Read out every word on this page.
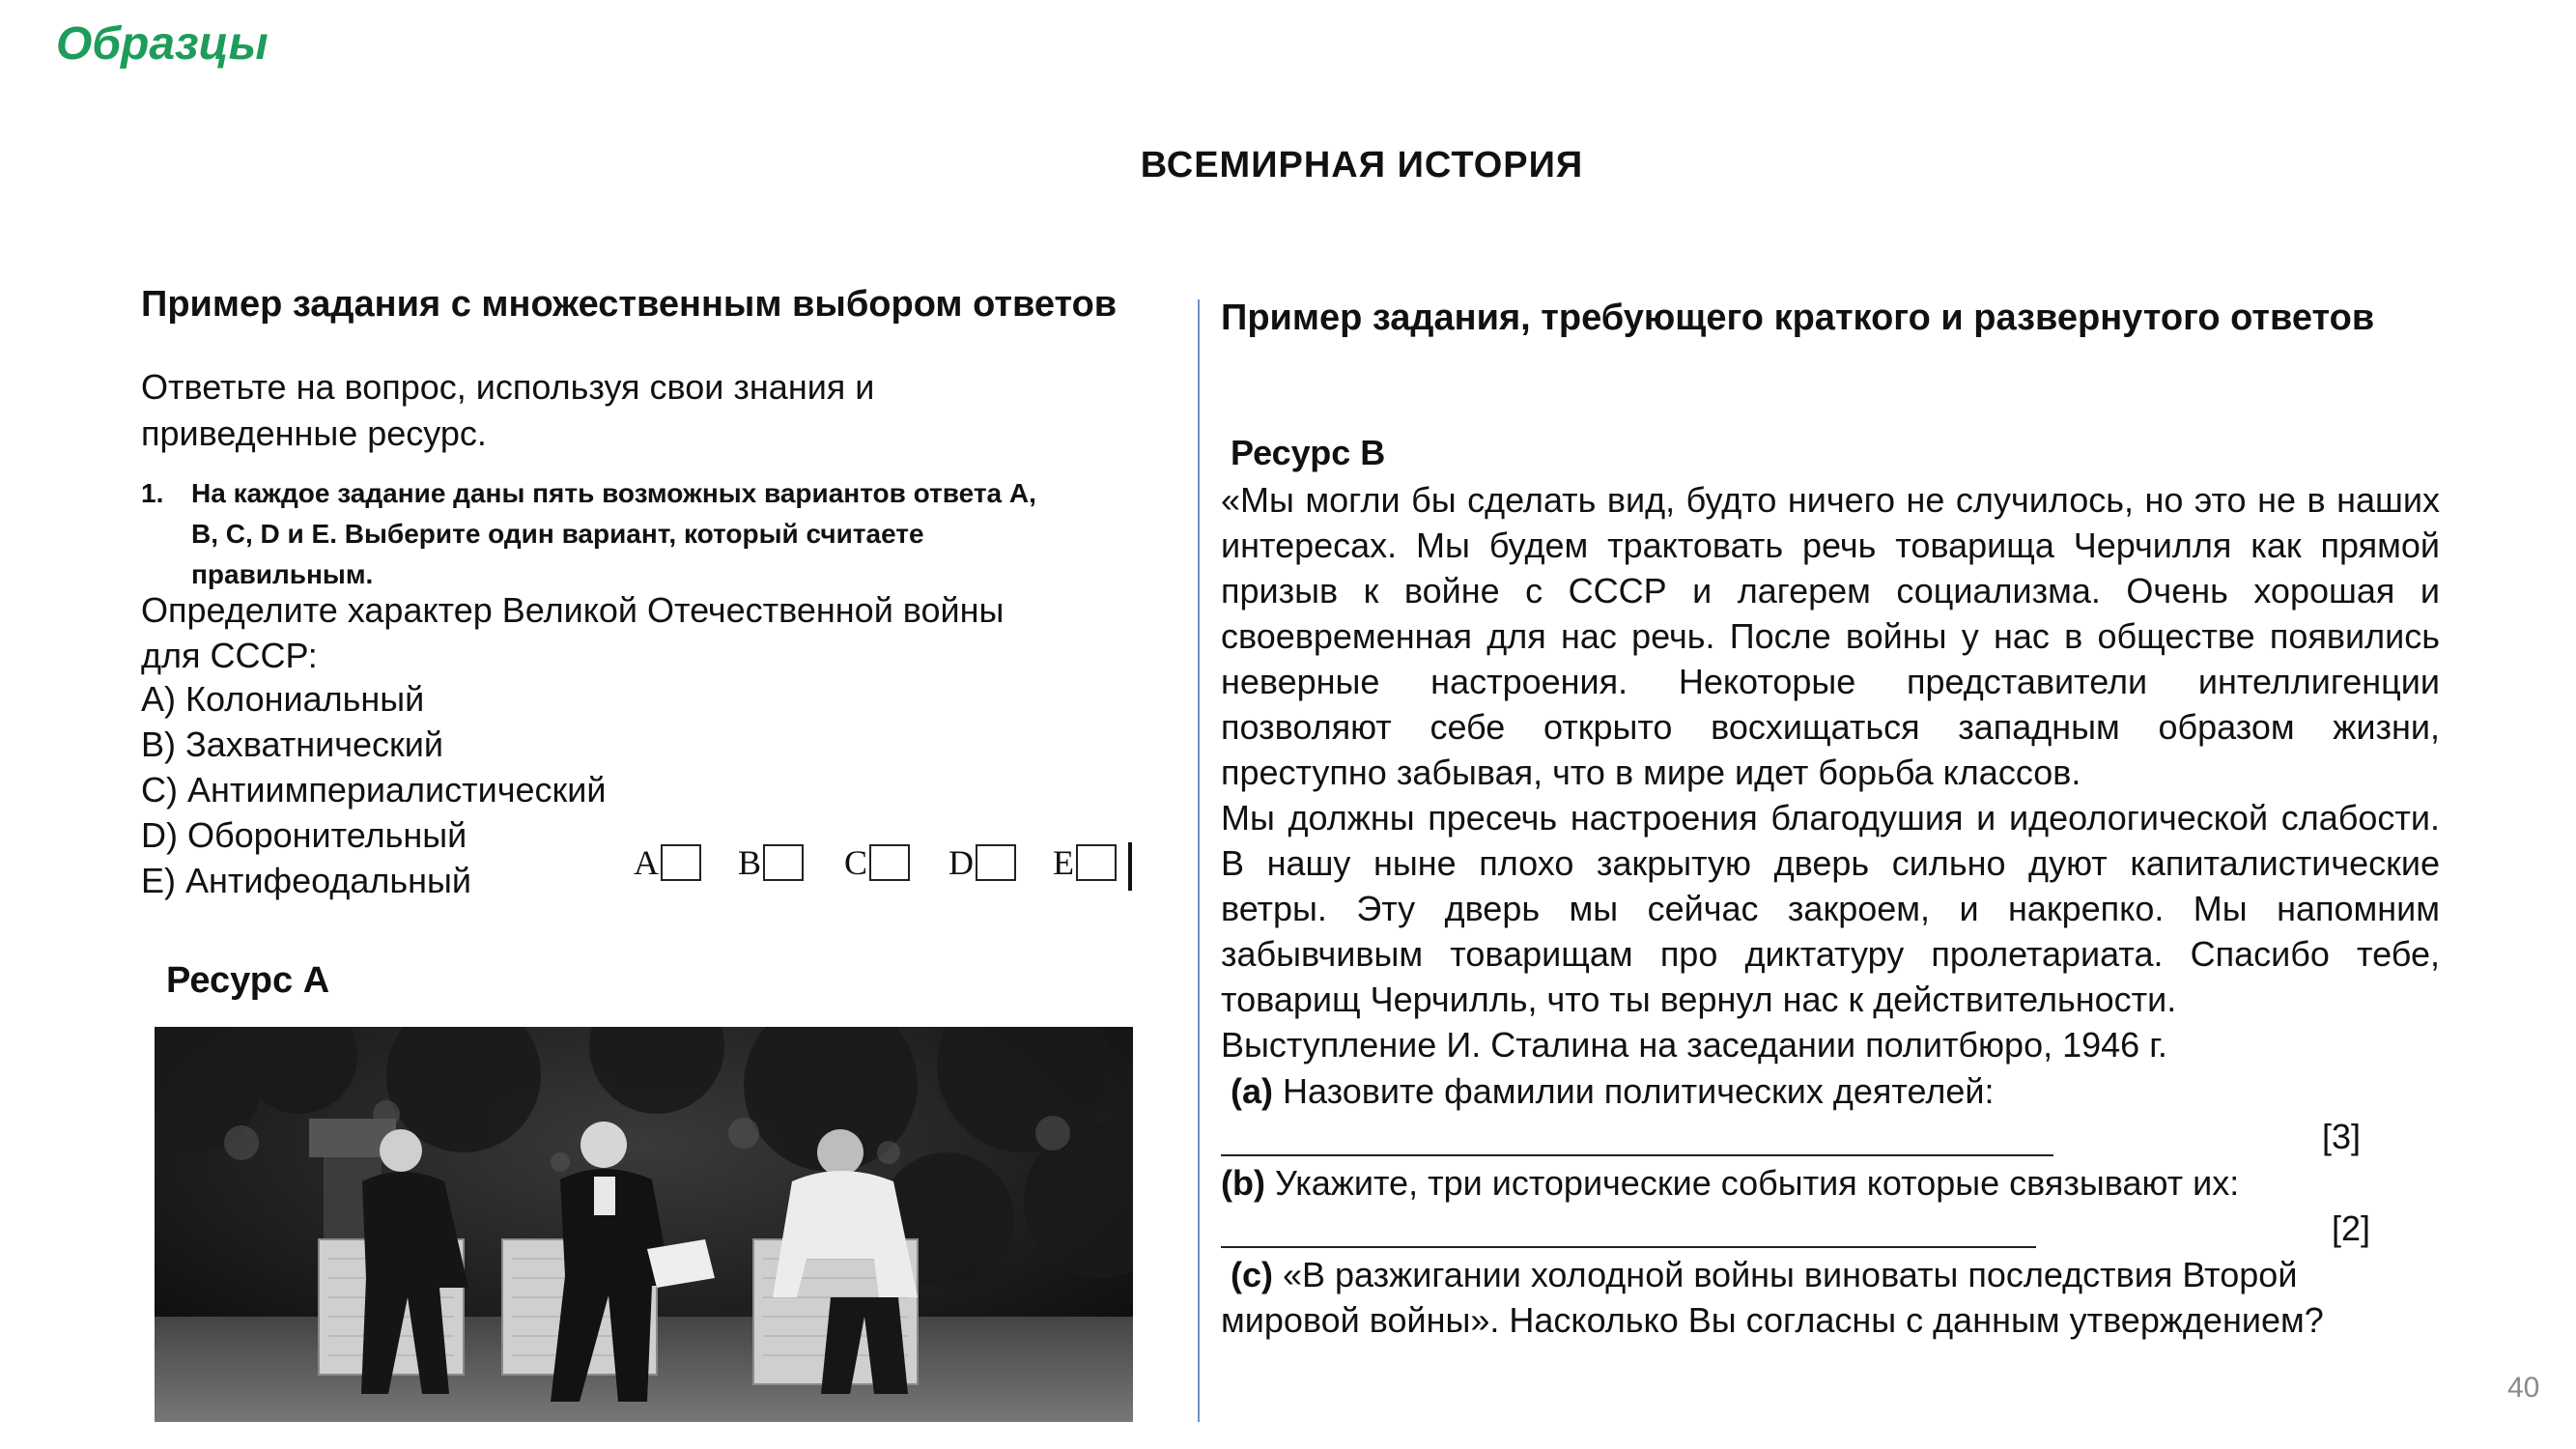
Образцы
ВСЕМИРНАЯ ИСТОРИЯ
Пример задания с множественным выбором ответов
Ответьте на вопрос, используя свои знания и приведенные ресурс.
1. На каждое задание даны пять возможных вариантов ответа A, B, C, D и E. Выберите один вариант, который считаете правильным.
Определите характер Великой Отечественной войны для СССР:
A) Колониальный
B) Захватнический
C) Антиимпериалистический
D) Оборонительный
E) Антифеодальный	A	B	C	D	E
Ресурс А
Пример задания, требующего краткого и развернутого ответов
Ресурс В

«Мы могли бы сделать вид, будто ничего не случилось, но это не в наших интересах. Мы будем трактовать речь товарища Черчилля как прямой призыв к войне с СССР и лагерем социализма. Очень хорошая и своевременная для нас речь. После войны у нас в обществе появились неверные настроения. Некоторые представители интеллигенции позволяют себе открыто восхищаться западным образом жизни, преступно забывая, что в мире идет борьба классов.

Мы должны пресечь настроения благодушия и идеологической слабости. В нашу ныне плохо закрытую дверь сильно дуют капиталистические ветры. Эту дверь мы сейчас закроем, и накрепко. Мы напомним забывчивым товарищам про диктатуру пролетариата. Спасибо тебе, товарищ Черчилль, что ты вернул нас к действительности.

Выступление И. Сталина на заседании политбюро, 1946 г.
(a) Назовите фамилии политических деятелей:
[3]
(b) Укажите, три исторические события которые связывают их:
[2]
(c) «В разжигании холодной войны виноваты последствия Второй мировой войны». Насколько Вы согласны с данным утверждением?
40
